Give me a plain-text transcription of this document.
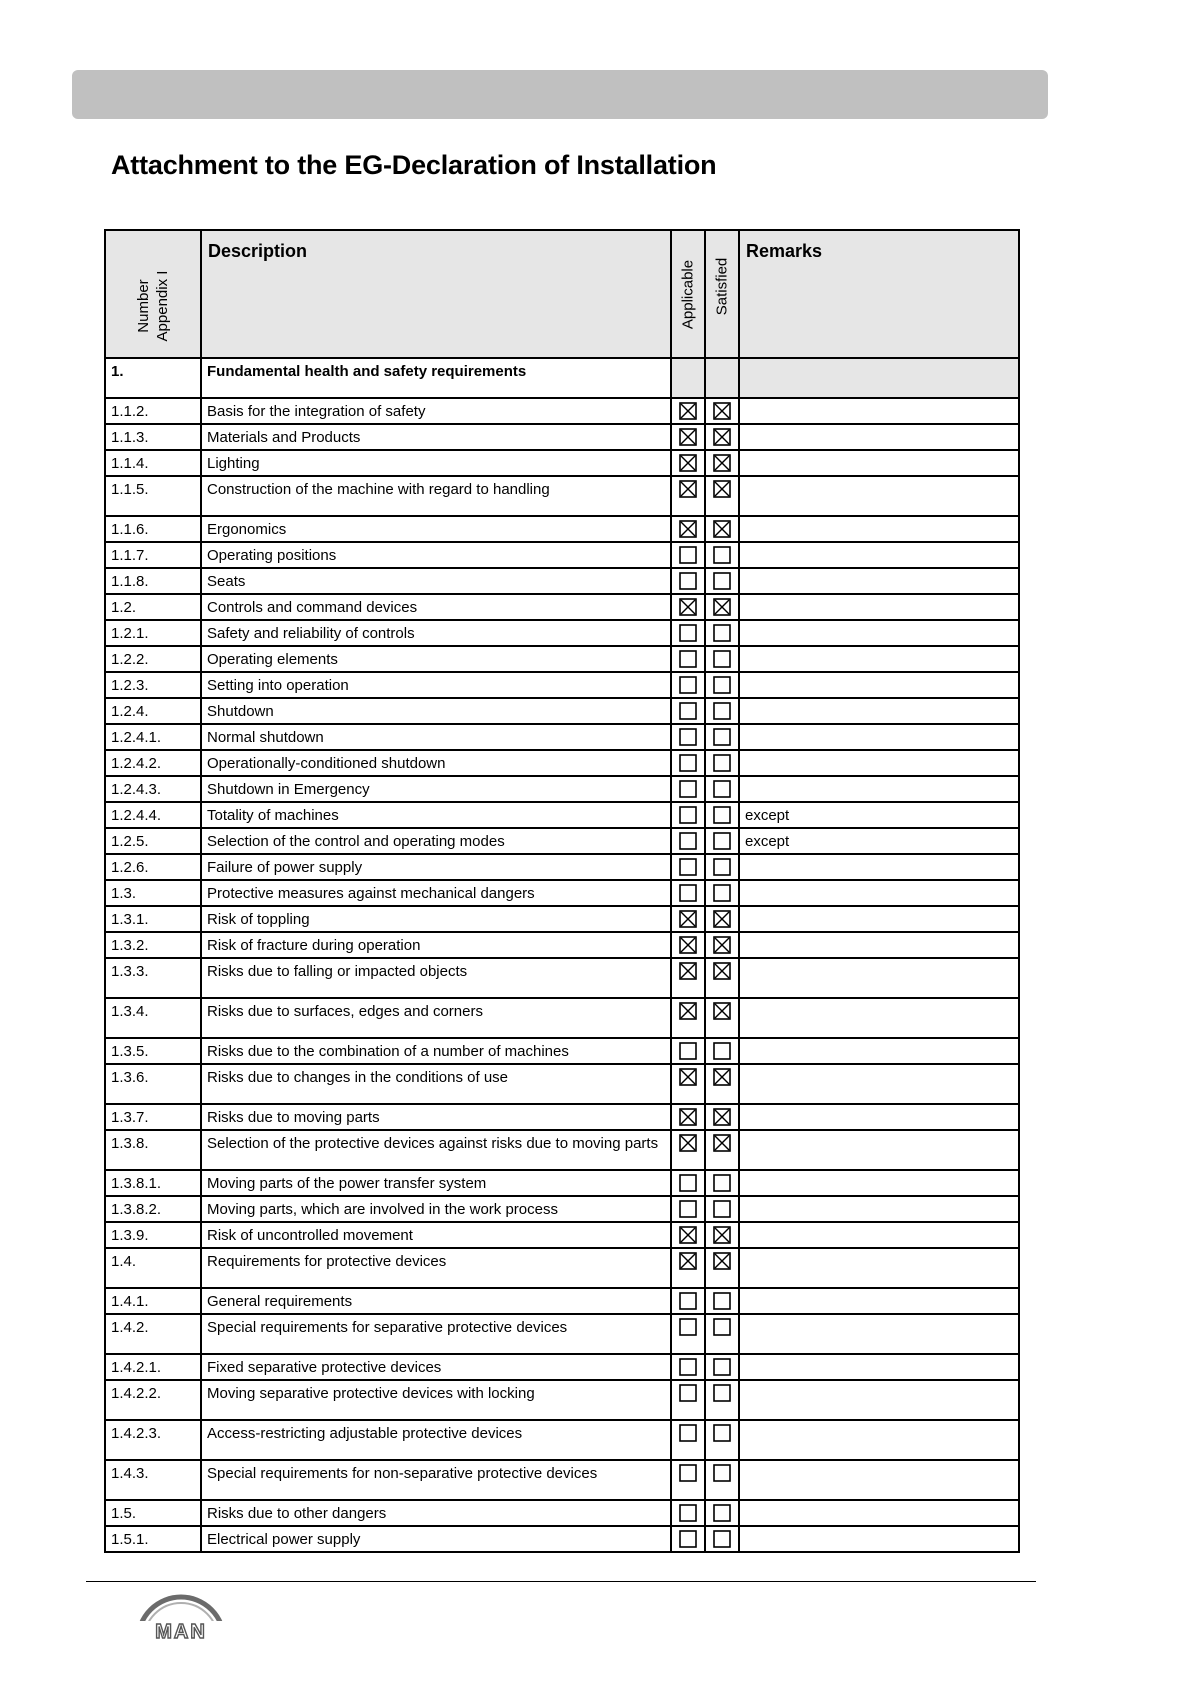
Attachment to the EG-Declaration of Installation
Number Appendix I	Description	Applicable	Satisfied	Remarks

1.	Fundamental health and safety requirements			

1.1.2.	Basis for the integration of safety

1.1.3.	Materials and Products

1.1.4.	Lighting

1.1.5.	Construction of the machine with regard to handling

1.1.6.	Ergonomics

1.1.7.	Operating positions

1.1.8.	Seats

1.2.	Controls and command devices

1.2.1.	Safety and reliability of controls

1.2.2.	Operating elements

1.2.3.	Setting into operation

1.2.4.	Shutdown

1.2.4.1.	Normal shutdown

1.2.4.2.	Operationally-conditioned shutdown

1.2.4.3.	Shutdown in Emergency

1.2.4.4.	Totality of machines			except

1.2.5.	Selection of the control and operating modes			except

1.2.6.	Failure of power supply

1.3.	Protective measures against mechanical dangers

1.3.1.	Risk of toppling

1.3.2.	Risk of fracture during operation

1.3.3.	Risks due to falling or impacted objects

1.3.4.	Risks due to surfaces, edges and corners

1.3.5.	Risks due to the combination of a number of machines

1.3.6.	Risks due to changes in the conditions of use

1.3.7.	Risks due to moving parts

1.3.8.	Selection of the protective devices against risks due to moving parts

1.3.8.1.	Moving parts of the power transfer system

1.3.8.2.	Moving parts, which are involved in the work process

1.3.9.	Risk of uncontrolled movement

1.4.	Requirements for protective devices

1.4.1.	General requirements

1.4.2.	Special requirements for separative protective devices

1.4.2.1.	Fixed separative protective devices

1.4.2.2.	Moving separative protective devices with locking

1.4.2.3.	Access-restricting adjustable protective devices

1.4.3.	Special requirements for non-separative protective devices

1.5.	Risks due to other dangers

1.5.1.	Electrical power supply

MAN
